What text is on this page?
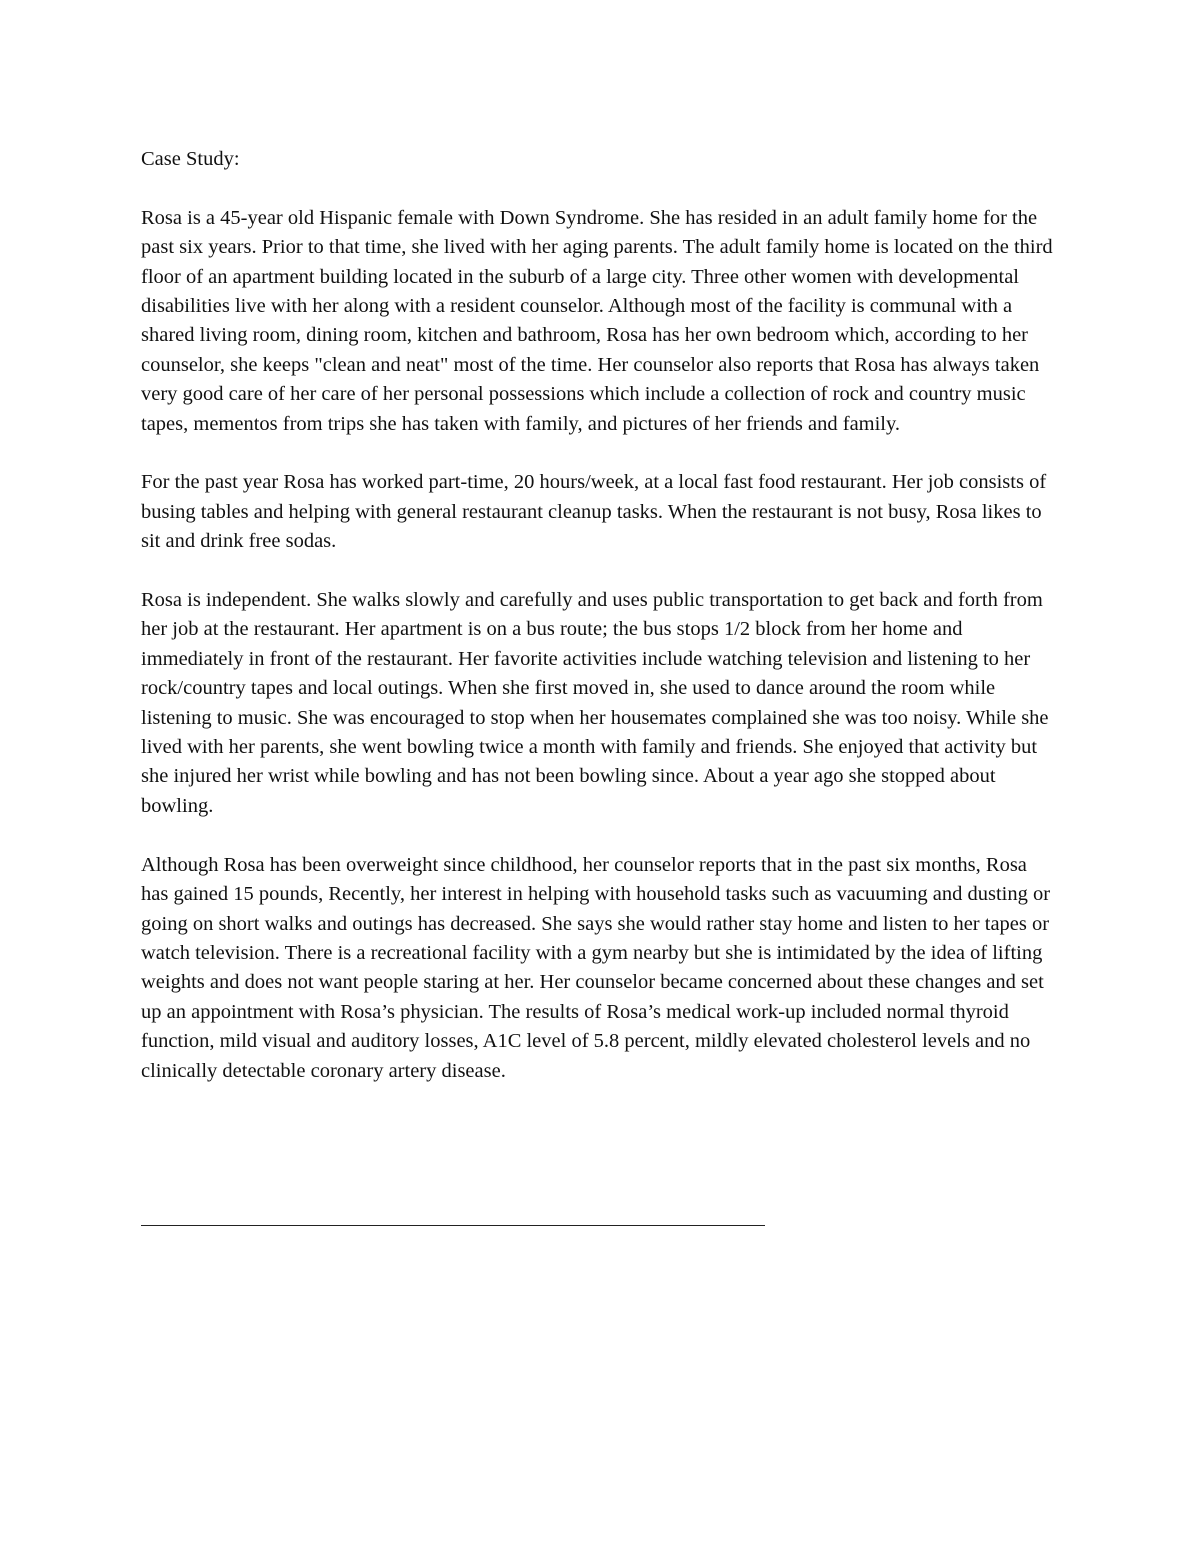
Case Study:

Rosa is a 45-year old Hispanic female with Down Syndrome. She has resided in an adult family home for the past six years. Prior to that time, she lived with her aging parents. The adult family home is located on the third floor of an apartment building located in the suburb of a large city. Three other women with developmental disabilities live with her along with a resident counselor. Although most of the facility is communal with a shared living room, dining room, kitchen and bathroom, Rosa has her own bedroom which, according to her counselor, she keeps "clean and neat" most of the time. Her counselor also reports that Rosa has always taken very good care of her care of her personal possessions which include a collection of rock and country music tapes, mementos from trips she has taken with family, and pictures of her friends and family.

For the past year Rosa has worked part-time, 20 hours/week, at a local fast food restaurant. Her job consists of busing tables and helping with general restaurant cleanup tasks. When the restaurant is not busy, Rosa likes to sit and drink free sodas.

Rosa is independent. She walks slowly and carefully and uses public transportation to get back and forth from her job at the restaurant. Her apartment is on a bus route; the bus stops 1/2 block from her home and immediately in front of the restaurant. Her favorite activities include watching television and listening to her rock/country tapes and local outings. When she first moved in, she used to dance around the room while listening to music. She was encouraged to stop when her housemates complained she was too noisy. While she lived with her parents, she went bowling twice a month with family and friends. She enjoyed that activity but she injured her wrist while bowling and has not been bowling since. About a year ago she stopped about bowling.

Although Rosa has been overweight since childhood, her counselor reports that in the past six months, Rosa has gained 15 pounds, Recently, her interest in helping with household tasks such as vacuuming and dusting or going on short walks and outings has decreased. She says she would rather stay home and listen to her tapes or watch television. There is a recreational facility with a gym nearby but she is intimidated by the idea of lifting weights and does not want people staring at her. Her counselor became concerned about these changes and set up an appointment with Rosa’s physician. The results of Rosa’s medical work-up included normal thyroid function, mild visual and auditory losses, A1C level of 5.8 percent, mildly elevated cholesterol levels and no clinically detectable coronary artery disease.
